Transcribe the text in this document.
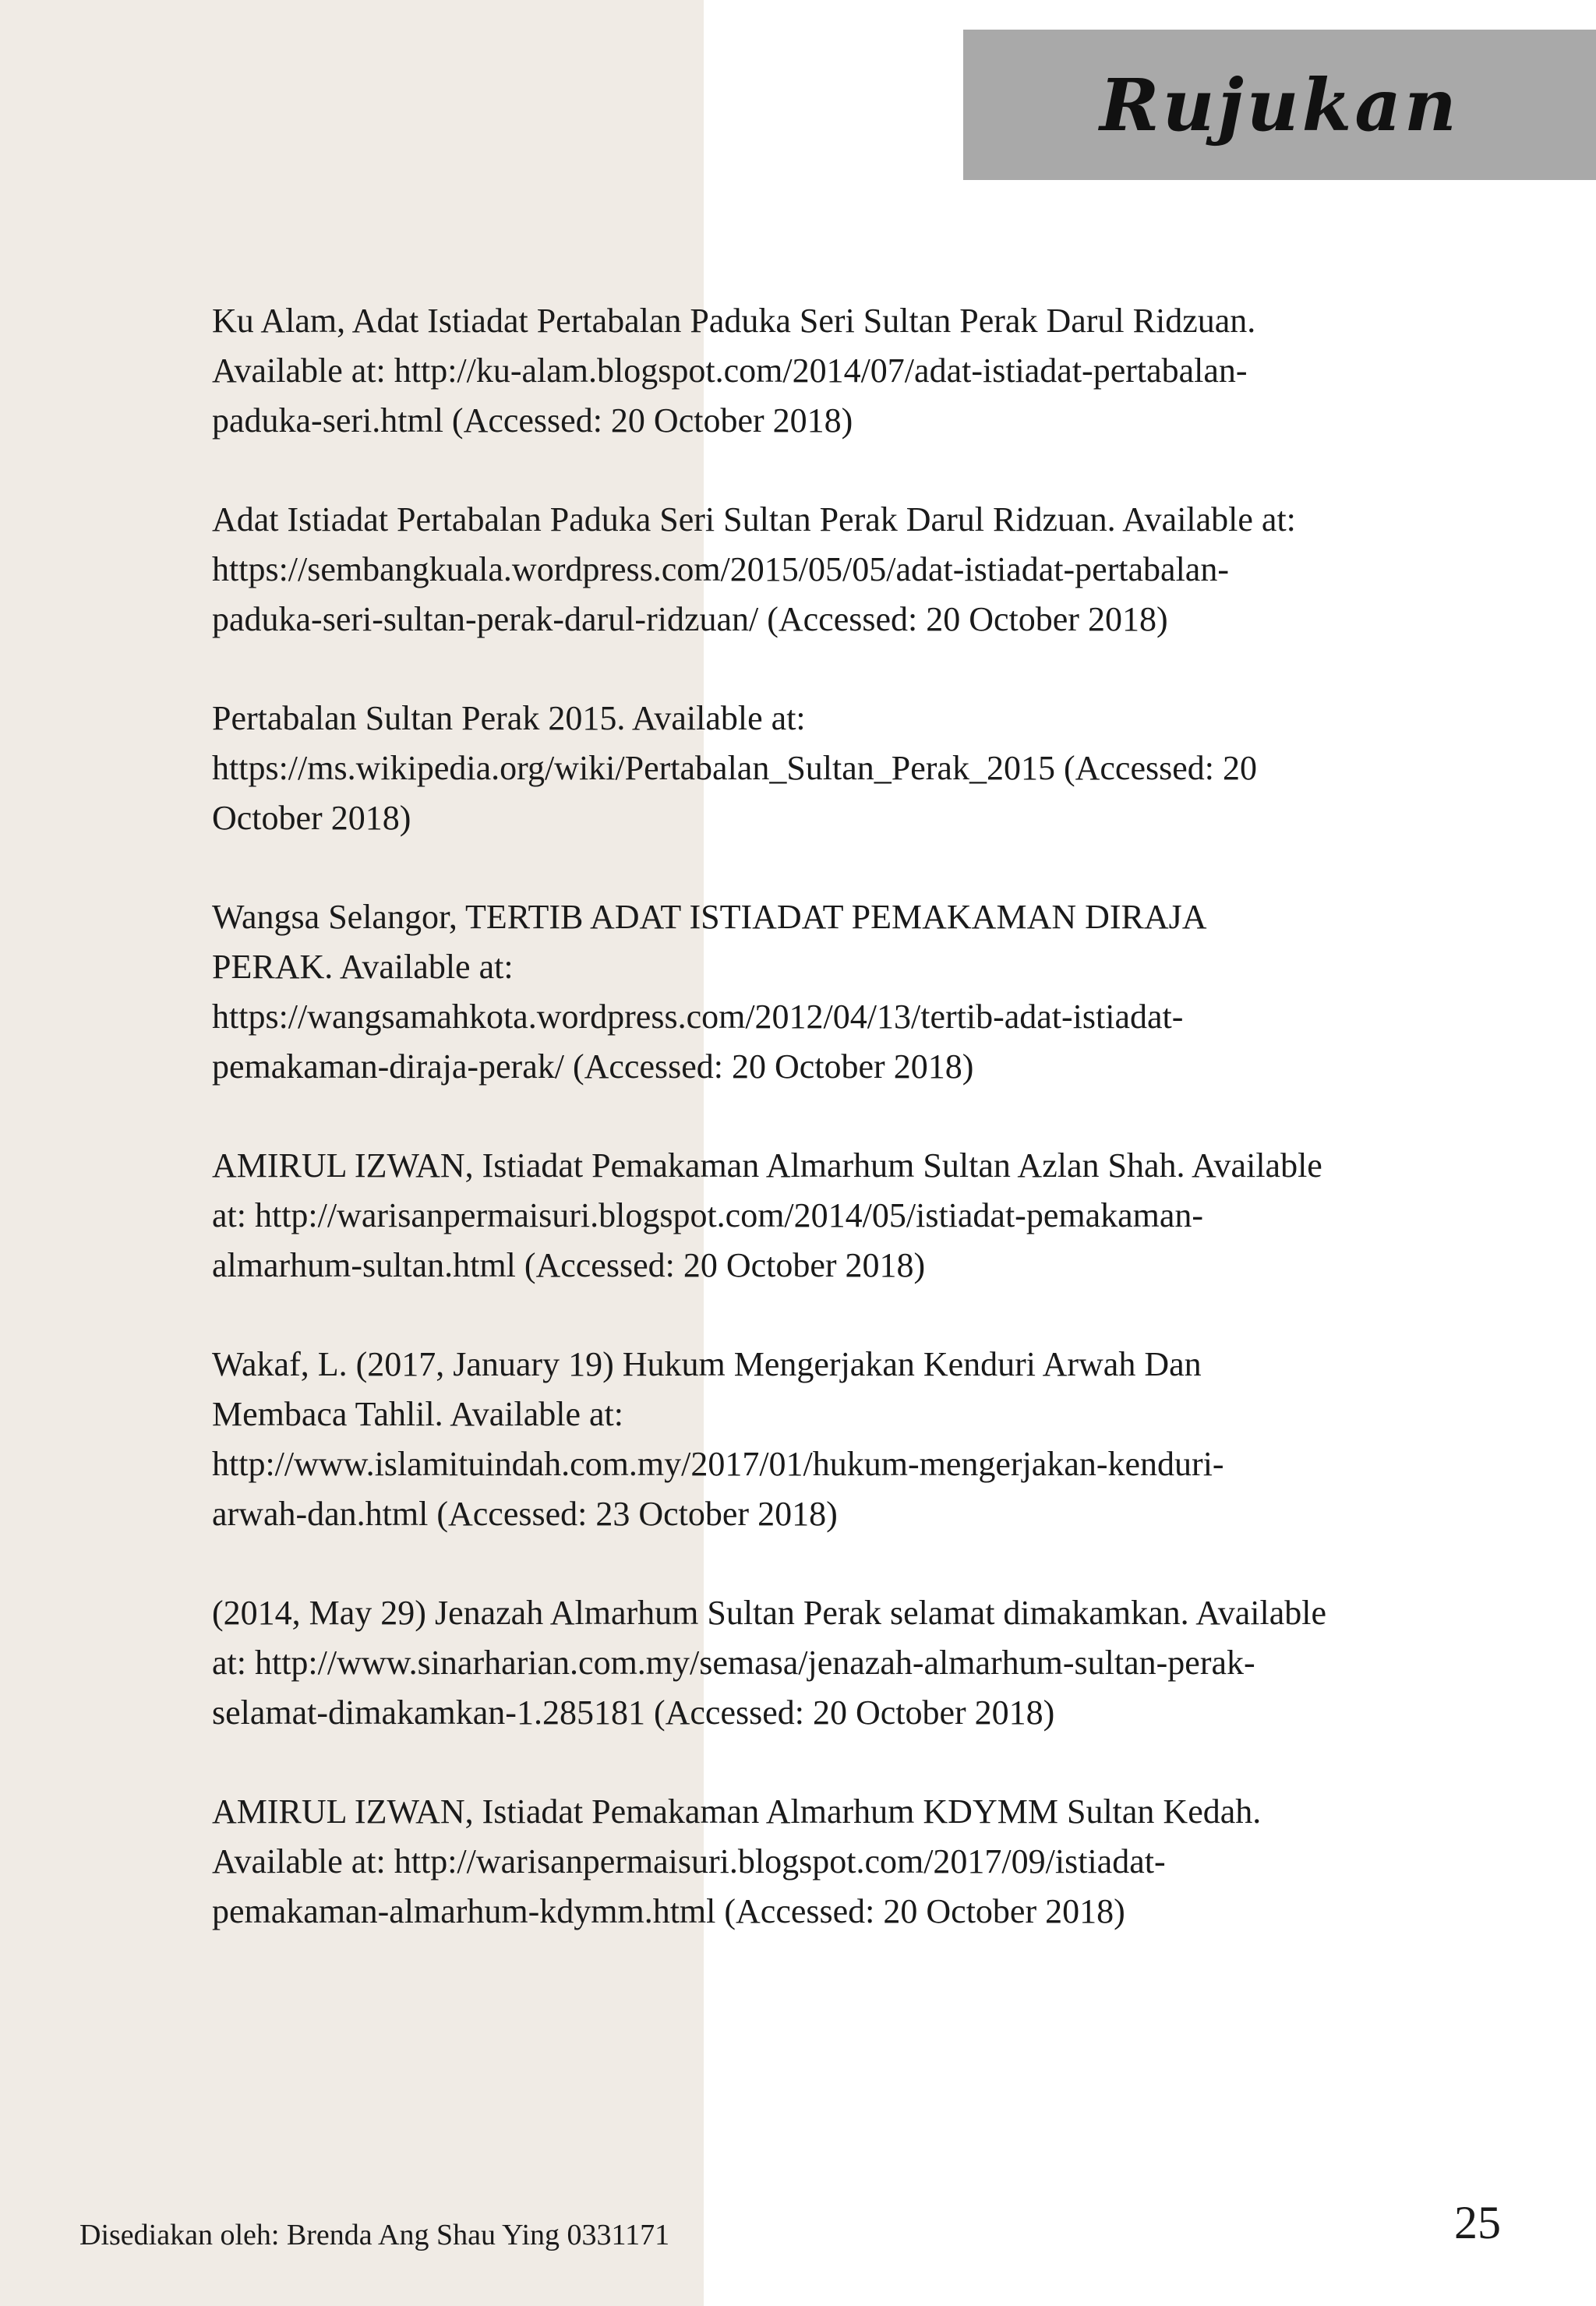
Rujukan
Ku Alam, Adat Istiadat Pertabalan Paduka Seri Sultan Perak Darul Ridzuan.
Available at: http://ku-alam.blogspot.com/2014/07/adat-istiadat-pertabalan-
paduka-seri.html (Accessed: 20 October 2018)
Adat Istiadat Pertabalan Paduka Seri Sultan Perak Darul Ridzuan. Available at:
https://sembangkuala.wordpress.com/2015/05/05/adat-istiadat-pertabalan-
paduka-seri-sultan-perak-darul-ridzuan/ (Accessed: 20 October 2018)
Pertabalan Sultan Perak 2015. Available at:
https://ms.wikipedia.org/wiki/Pertabalan_Sultan_Perak_2015 (Accessed: 20
October 2018)
Wangsa Selangor, TERTIB ADAT ISTIADAT PEMAKAMAN DIRAJA
PERAK. Available at:
https://wangsamahkota.wordpress.com/2012/04/13/tertib-adat-istiadat-
pemakaman-diraja-perak/ (Accessed: 20 October 2018)
AMIRUL IZWAN, Istiadat Pemakaman Almarhum Sultan Azlan Shah. Available
at: http://warisanpermaisuri.blogspot.com/2014/05/istiadat-pemakaman-
almarhum-sultan.html (Accessed: 20 October 2018)
Wakaf, L. (2017, January 19) Hukum Mengerjakan Kenduri Arwah Dan
Membaca Tahlil. Available at:
http://www.islamituindah.com.my/2017/01/hukum-mengerjakan-kenduri-
arwah-dan.html (Accessed: 23 October 2018)
(2014, May 29) Jenazah Almarhum Sultan Perak selamat dimakamkan. Available
at: http://www.sinarharian.com.my/semasa/jenazah-almarhum-sultan-perak-
selamat-dimakamkan-1.285181 (Accessed: 20 October 2018)
AMIRUL IZWAN, Istiadat Pemakaman Almarhum KDYMM Sultan Kedah.
Available at: http://warisanpermaisuri.blogspot.com/2017/09/istiadat-
pemakaman-almarhum-kdymm.html (Accessed: 20 October 2018)
Disediakan oleh: Brenda Ang Shau Ying 0331171	25
